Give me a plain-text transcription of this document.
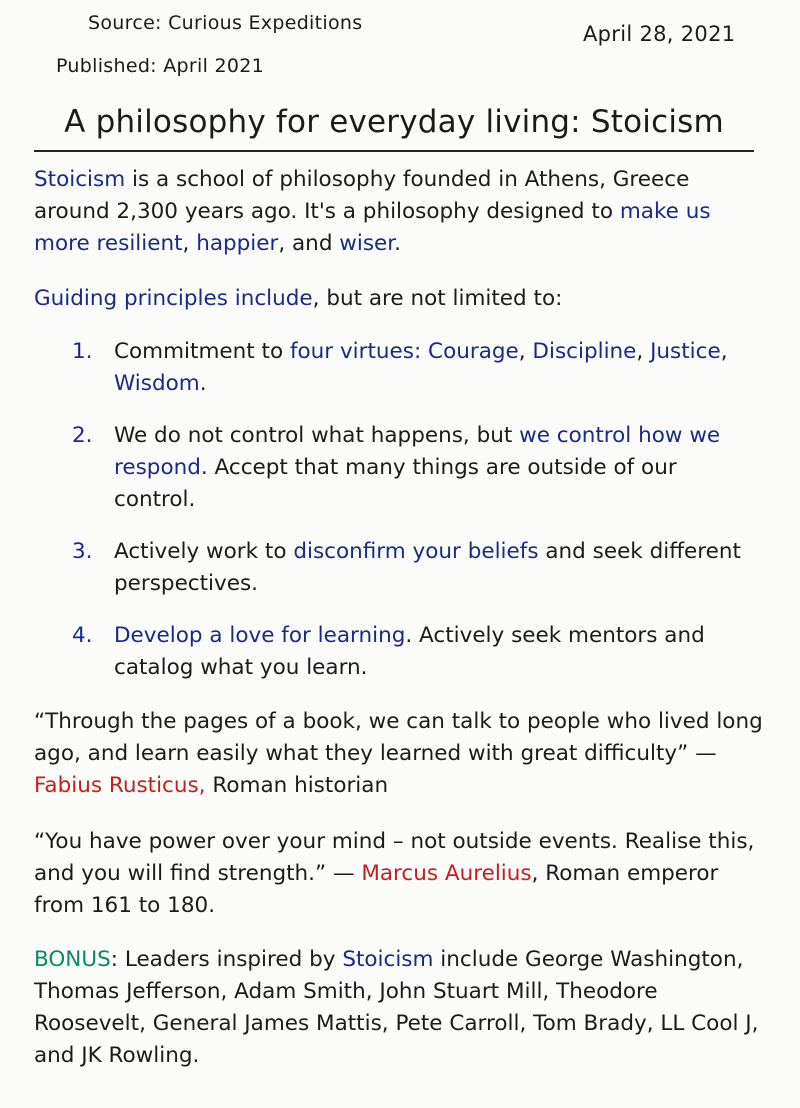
Source: Curious Expeditions
Published: April 2021
April 28, 2021
A philosophy for everyday living: Stoicism
Stoicism is a school of philosophy founded in Athens, Greece around 2,300 years ago. It's a philosophy designed to make us more resilient, happier, and wiser.
Guiding principles include, but are not limited to:
1. Commitment to four virtues: Courage, Discipline, Justice, Wisdom.
2. We do not control what happens, but we control how we respond. Accept that many things are outside of our control.
3. Actively work to disconfirm your beliefs and seek different perspectives.
4. Develop a love for learning. Actively seek mentors and catalog what you learn.
“Through the pages of a book, we can talk to people who lived long ago, and learn easily what they learned with great difficulty” — Fabius Rusticus, Roman historian
“You have power over your mind – not outside events. Realise this, and you will find strength.” — Marcus Aurelius, Roman emperor from 161 to 180.
BONUS: Leaders inspired by Stoicism include George Washington, Thomas Jefferson, Adam Smith, John Stuart Mill, Theodore Roosevelt, General James Mattis, Pete Carroll, Tom Brady, LL Cool J, and JK Rowling.
